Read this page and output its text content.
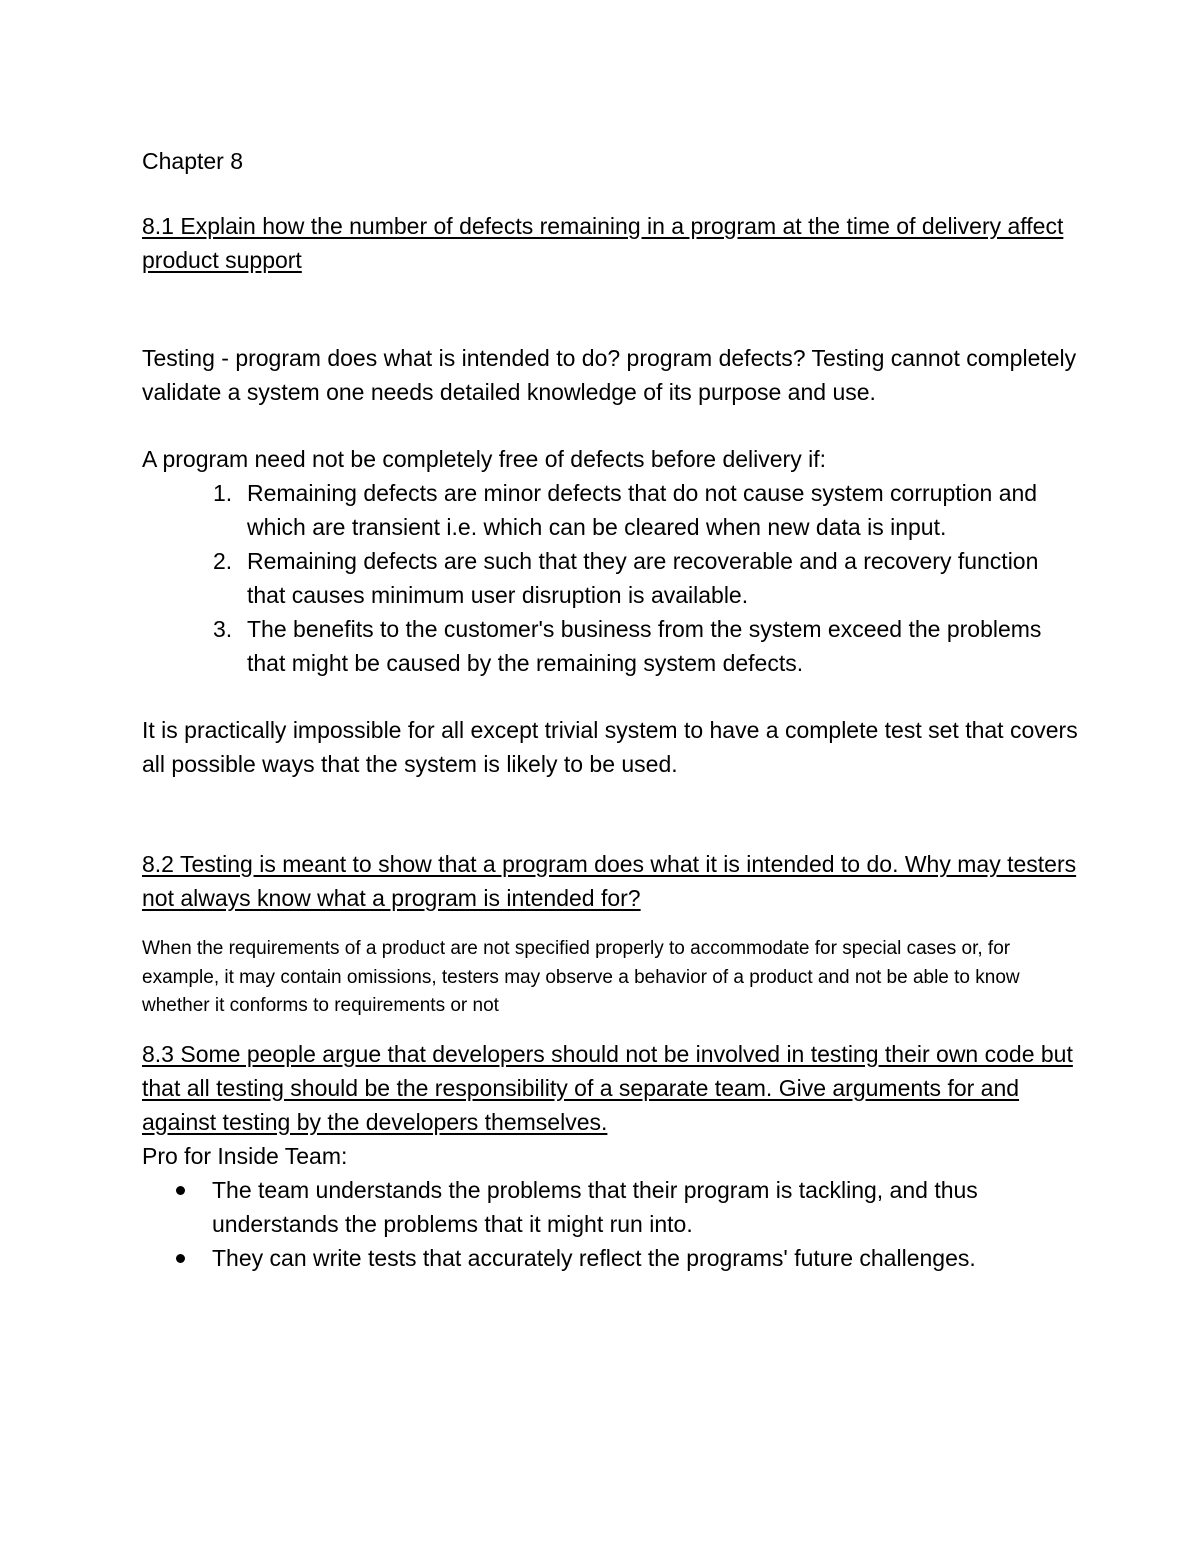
Chapter 8

8.1 Explain how the number of defects remaining in a program at the time of delivery affect product support

Testing - program does what is intended to do? program defects? Testing cannot completely validate a system one needs detailed knowledge of its purpose and use.

A program need not be completely free of defects before delivery if:

1. Remaining defects are minor defects that do not cause system corruption and which are transient i.e. which can be cleared when new data is input.
2. Remaining defects are such that they are recoverable and a recovery function that causes minimum user disruption is available.
3. The benefits to the customer's business from the system exceed the problems that might be caused by the remaining system defects.

It is practically impossible for all except trivial system to have a complete test set that covers all possible ways that the system is likely to be used.

8.2 Testing is meant to show that a program does what it is intended to do. Why may testers not always know what a program is intended for?

When the requirements of a product are not specified properly to accommodate for special cases or, for example, it may contain omissions, testers may observe a behavior of a product and not be able to know whether it conforms to requirements or not

8.3 Some people argue that developers should not be involved in testing their own code but that all testing should be the responsibility of a separate team. Give arguments for and against testing by the developers themselves.

Pro for Inside Team:

The team understands the problems that their program is tackling, and thus understands the problems that it might run into.
They can write tests that accurately reflect the programs' future challenges.
